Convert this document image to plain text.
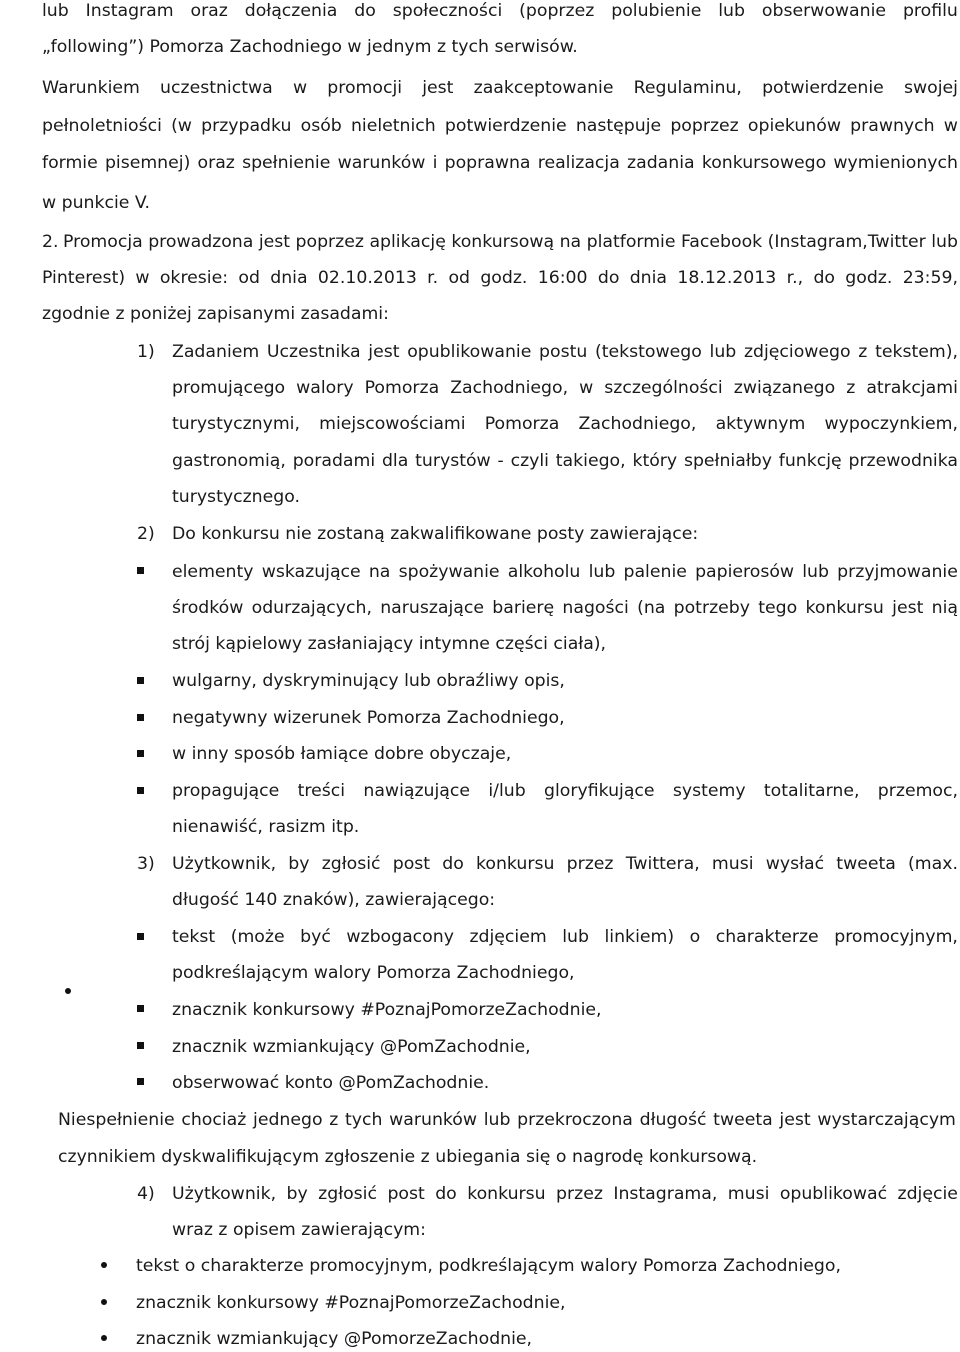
lub Instagram oraz dołączenia do społeczności (poprzez polubienie lub obserwowanie profilu
„following”) Pomorza Zachodniego w jednym z tych serwisów.
Warunkiem uczestnictwa w promocji jest zaakceptowanie Regulaminu, potwierdzenie swojej
pełnoletniości (w przypadku osób nieletnich potwierdzenie następuje poprzez opiekunów prawnych w
formie pisemnej) oraz spełnienie warunków i poprawna realizacja zadania konkursowego wymienionych
w punkcie V.
2. Promocja prowadzona jest poprzez aplikację konkursową na platformie Facebook (Instagram,Twitter lub
Pinterest) w okresie: od dnia 02.10.2013 r. od godz. 16:00 do dnia 18.12.2013 r., do godz. 23:59,
zgodnie z poniżej zapisanymi zasadami:
1) Zadaniem Uczestnika jest opublikowanie postu (tekstowego lub zdjęciowego z tekstem),
promującego walory Pomorza Zachodniego, w szczególności związanego z atrakcjami
turystycznymi, miejscowościami Pomorza Zachodniego, aktywnym wypoczynkiem,
gastronomią, poradami dla turystów - czyli takiego, który spełniałby funkcję przewodnika
turystycznego.
2) Do konkursu nie zostaną zakwalifikowane posty zawierające:
elementy wskazujące na spożywanie alkoholu lub palenie papierosów lub przyjmowanie
środków odurzających, naruszające barierę nagości (na potrzeby tego konkursu jest nią
strój kąpielowy zasłaniający intymne części ciała),
wulgarny, dyskryminujący lub obraźliwy opis,
negatywny wizerunek Pomorza Zachodniego,
w inny sposób łamiące dobre obyczaje,
propagujące treści nawiązujące i/lub gloryfikujące systemy totalitarne, przemoc,
nienawiść, rasizm itp.
3) Użytkownik, by zgłosić post do konkursu przez Twittera, musi wysłać tweeta (max.
długość 140 znaków), zawierającego:
tekst (może być wzbogacony zdjęciem lub linkiem) o charakterze promocyjnym,
podkreślającym walory Pomorza Zachodniego,
znacznik konkursowy #PoznajPomorzeZachodnie,
znacznik wzmiankujący @PomZachodnie,
obserwować konto @PomZachodnie.
Niespełnienie chociaż jednego z tych warunków lub przekroczona długość tweeta jest wystarczającym
czynnikiem dyskwalifikującym zgłoszenie z ubiegania się o nagrodę konkursową.
4) Użytkownik, by zgłosić post do konkursu przez Instagrama, musi opublikować zdjęcie
wraz z opisem zawierającym:
tekst o charakterze promocyjnym, podkreślającym walory Pomorza Zachodniego,
znacznik konkursowy #PoznajPomorzeZachodnie,
znacznik wzmiankujący @PomorzeZachodnie,
